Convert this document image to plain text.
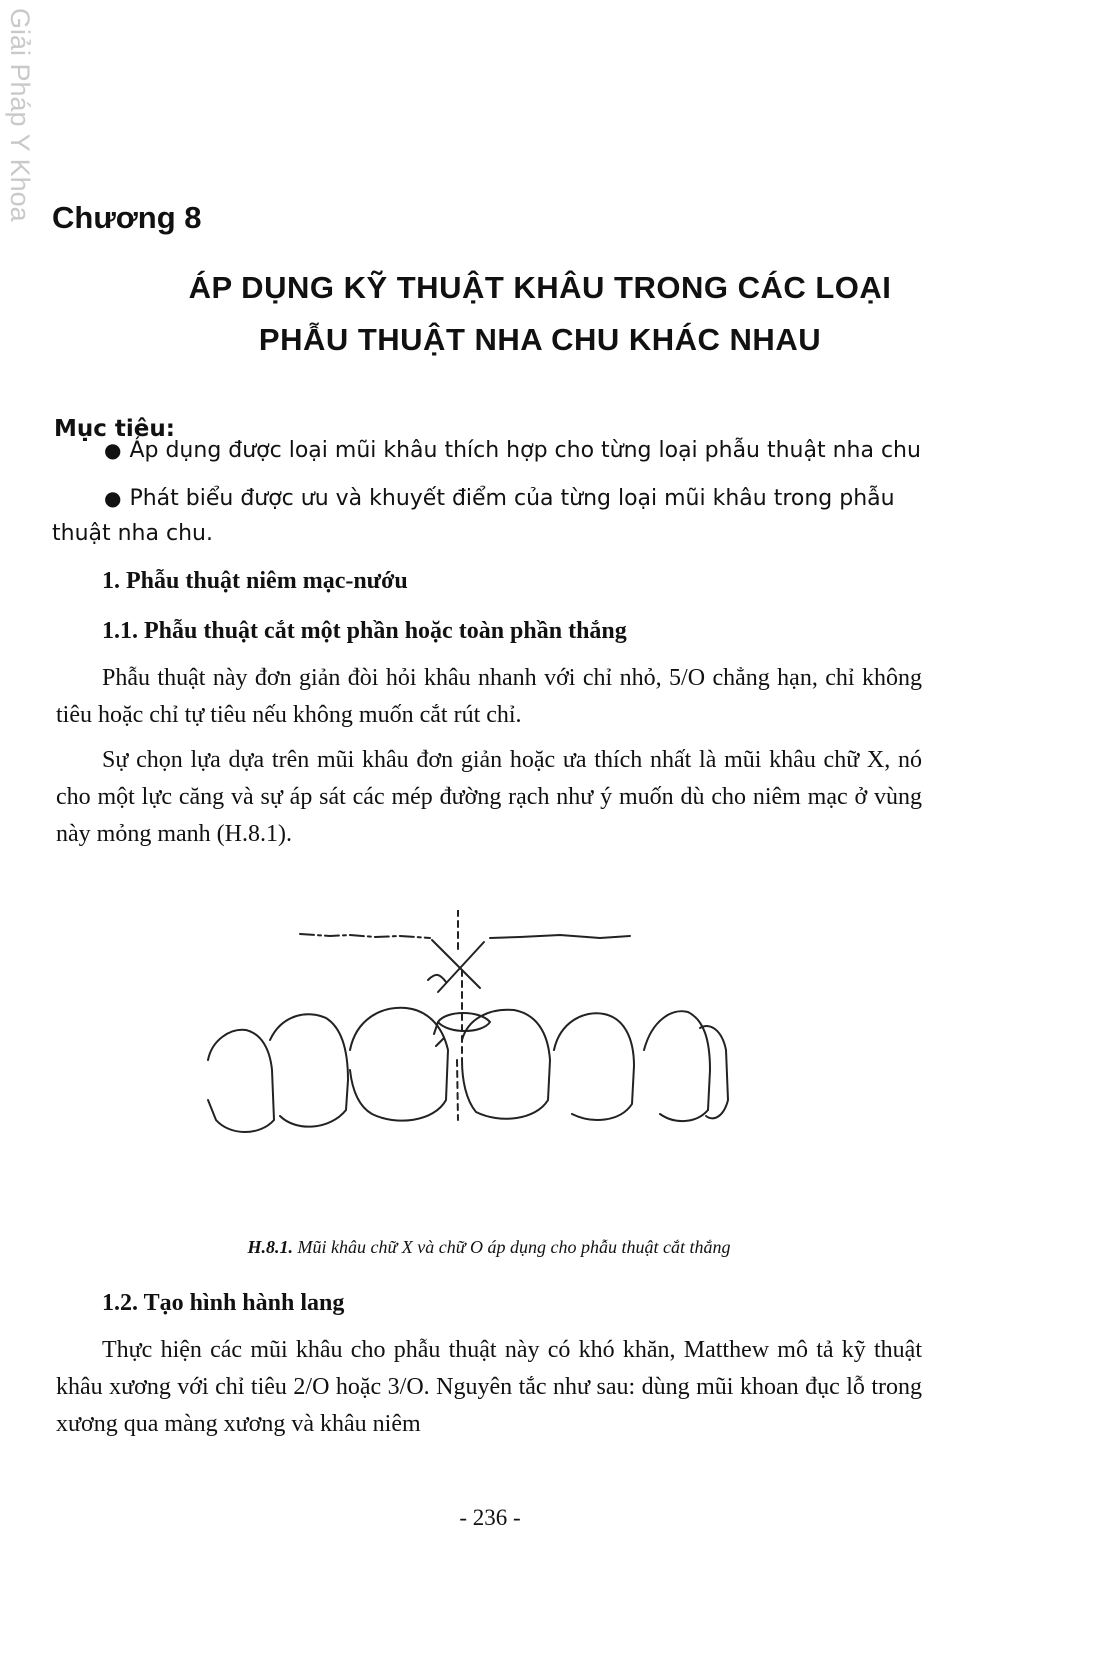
Giải Pháp Y Khoa Chương 8
ÁP DỤNG KỸ THUẬT KHÂU TRONG CÁC LOẠI
PHẪU THUẬT NHA CHU KHÁC NHAU
Mục tiêu:
● Áp dụng được loại mũi khâu thích hợp cho từng loại phẫu thuật nha chu
● Phát biểu được ưu và khuyết điểm của từng loại mũi khâu trong phẫu
thuật nha chu.
1. Phẫu thuật niêm mạc-nướu
1.1. Phẫu thuật cắt một phần hoặc toàn phần thắng

Phẫu thuật này đơn giản đòi hỏi khâu nhanh với chỉ nhỏ, 5/O chẳng hạn, chỉ không tiêu hoặc chỉ tự tiêu nếu không muốn cắt rút chỉ.

Sự chọn lựa dựa trên mũi khâu đơn giản hoặc ưa thích nhất là mũi khâu chữ X, nó cho một lực căng và sự áp sát các mép đường rạch như ý muốn dù cho niêm mạc ở vùng này mỏng manh (H.8.1).

H.8.1. Mũi khâu chữ X và chữ O áp dụng cho phẫu thuật cắt thắng
1.2. Tạo hình hành lang

Thực hiện các mũi khâu cho phẫu thuật này có khó khăn, Matthew mô tả kỹ thuật khâu xương với chỉ tiêu 2/O hoặc 3/O. Nguyên tắc như sau: dùng mũi khoan đục lỗ trong xương qua màng xương và khâu niêm

- 236 -
